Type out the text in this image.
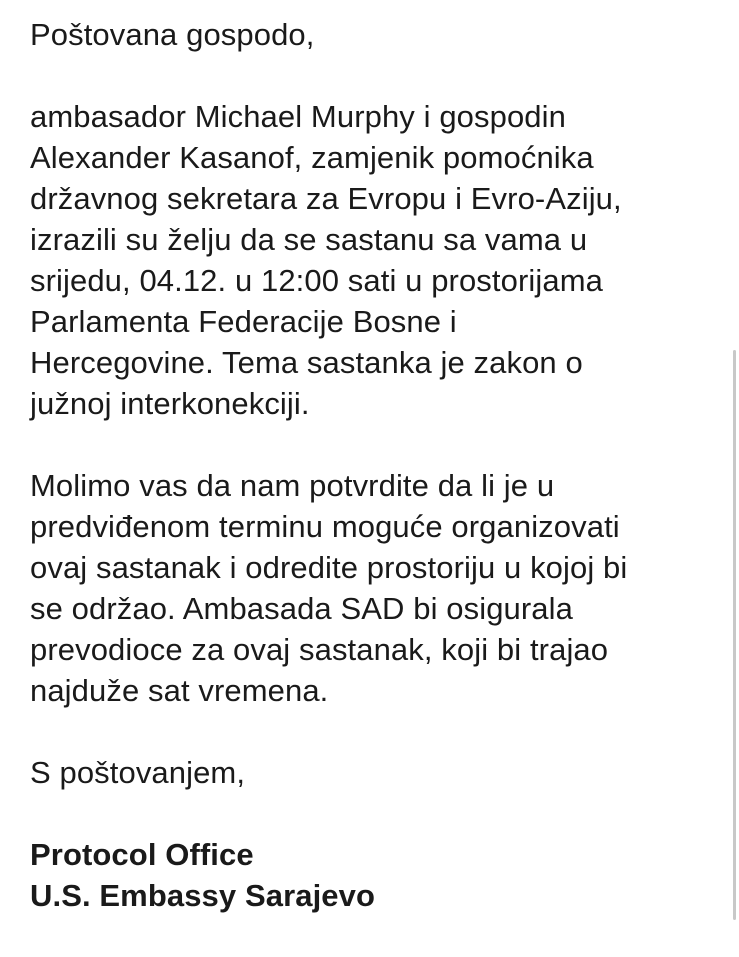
Poštovana gospodo,
ambasador Michael Murphy i gospodin
Alexander Kasanof, zamjenik pomoćnika
državnog sekretara za Evropu i Evro-Aziju,
izrazili su želju da se sastanu sa vama u
srijedu, 04.12. u 12:00 sati u prostorijama
Parlamenta Federacije Bosne i
Hercegovine. Tema sastanka je zakon o
južnoj interkonekciji.
Molimo vas da nam potvrdite da li je u
predviđenom terminu moguće organizovati
ovaj sastanak i odredite prostoriju u kojoj bi
se održao. Ambasada SAD bi osigurala
prevodioce za ovaj sastanak, koji bi trajao
najduže sat vremena.
S poštovanjem,
Protocol Office
U.S. Embassy Sarajevo
